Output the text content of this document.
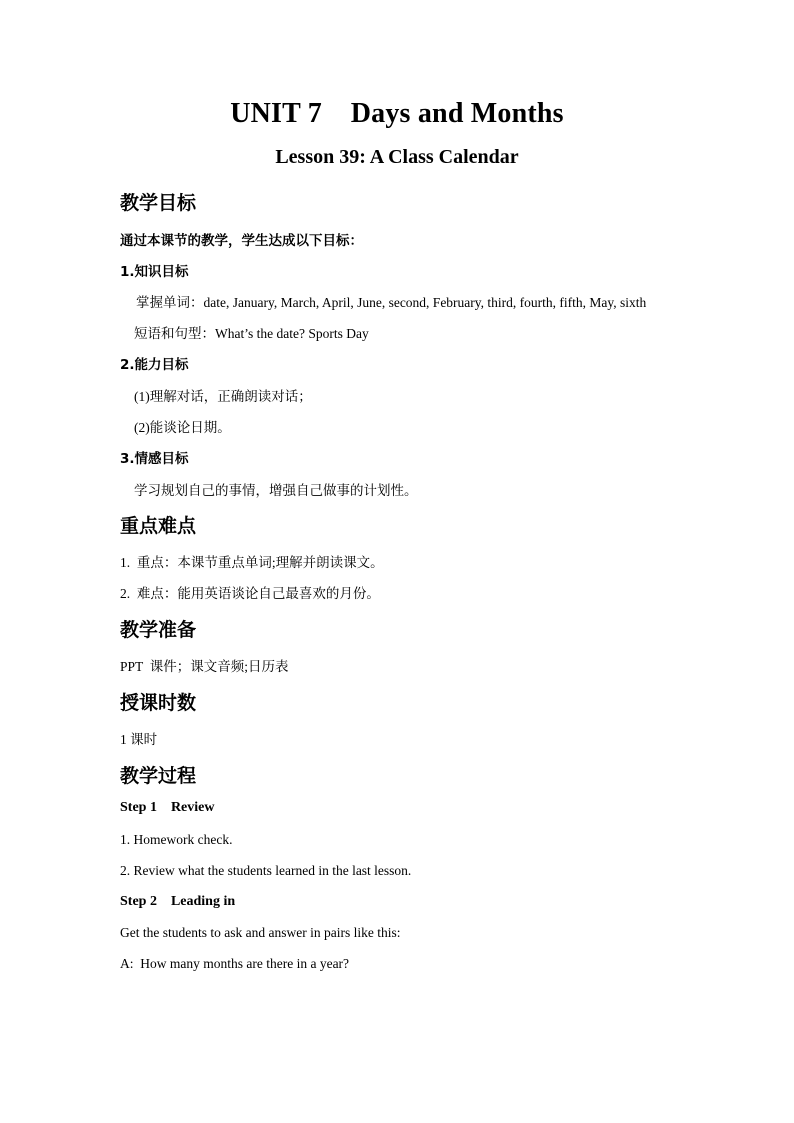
UNIT 7    Days and Months
Lesson 39: A Class Calendar
教学目标
通过本课节的教学，学生达成以下目标：
1.知识目标
掌握单词：date, January, March, April, June, second, February, third, fourth, fifth, May, sixth
短语和句型：What’s the date? Sports Day
2.能力目标
(1)理解对话，正确朗读对话；
(2)能谈论日期。
3.情感目标
学习规划自己的事情，增强自己做事的计划性。
重点难点
1.  重点：本课节重点单词;理解并朗读课文。
2.  难点：能用英语谈论自己最喜欢的月份。
教学准备
PPT  课件；课文音频;日历表
授课时数
1 课时
教学过程
Step 1    Review
1. Homework check.
2. Review what the students learned in the last lesson.
Step 2    Leading in
Get the students to ask and answer in pairs like this:
A:  How many months are there in a year?
